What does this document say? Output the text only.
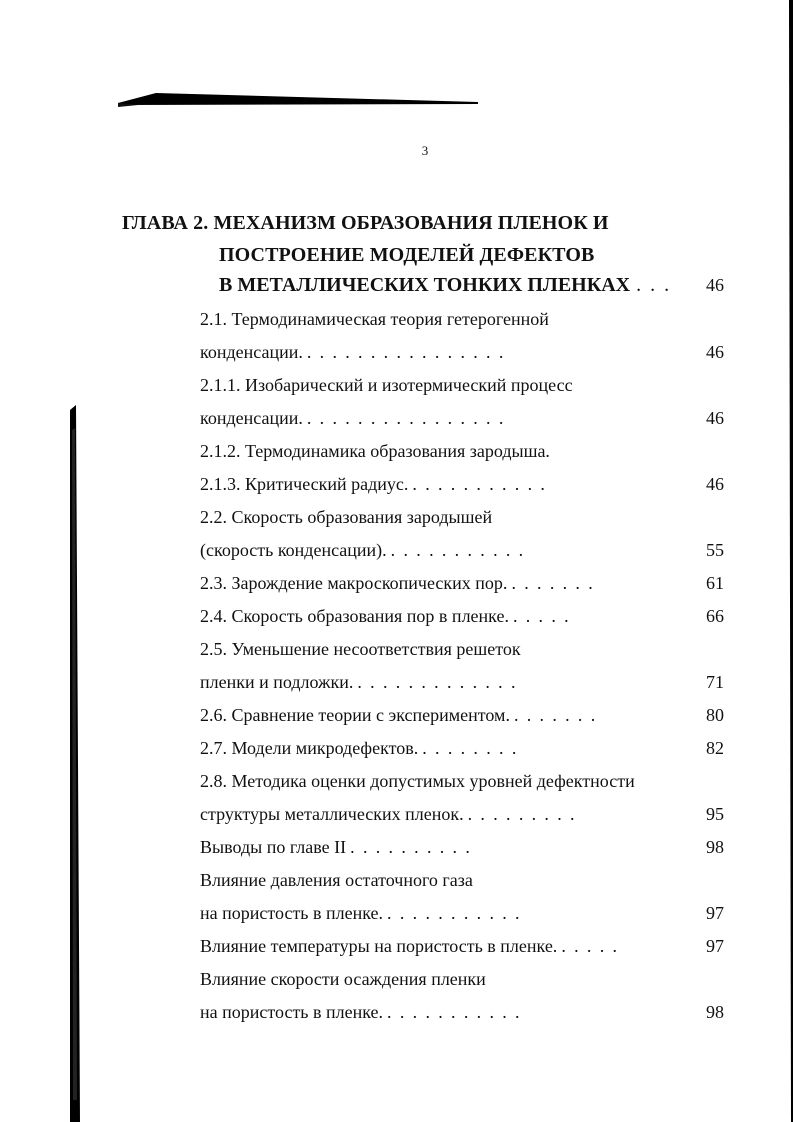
3
ГЛАВА 2. МЕХАНИЗМ ОБРАЗОВАНИЯ ПЛЕНОК И
ПОСТРОЕНИЕ МОДЕЛЕЙ ДЕФЕКТОВ
В МЕТАЛЛИЧЕСКИХ ТОНКИХ ПЛЕНКАХ ... 46
2.1. Термодинамическая теория гетерогенной
конденсации. ................	46
2.1.1. Изобарический и изотермический процесс
конденсации. ................	46
2.1.2. Термодинамика образования зародыша.
2.1.3. Критический радиус. ...........	46
2.2. Скорость образования зародышей
(скорость конденсации). ...........	55
2.3. Зарождение макроскопических пор. .......	61
2.4. Скорость образования пор в пленке. .....	66
2.5. Уменьшение несоответствия решеток
пленки и подложки. .............	71
2.6. Сравнение теории с экспериментом. .......	80
2.7. Модели микродефектов. ........	82
2.8. Методика оценки допустимых уровней дефектности
структуры металлических пленок. .........	95
Выводы по главе II ..........	98
Влияние давления остаточного газа
на пористость в пленке. ...........	97
Влияние температуры на пористость в пленке. .....	97
Влияние скорости осаждения пленки
на пористость в пленке. ...........	98
